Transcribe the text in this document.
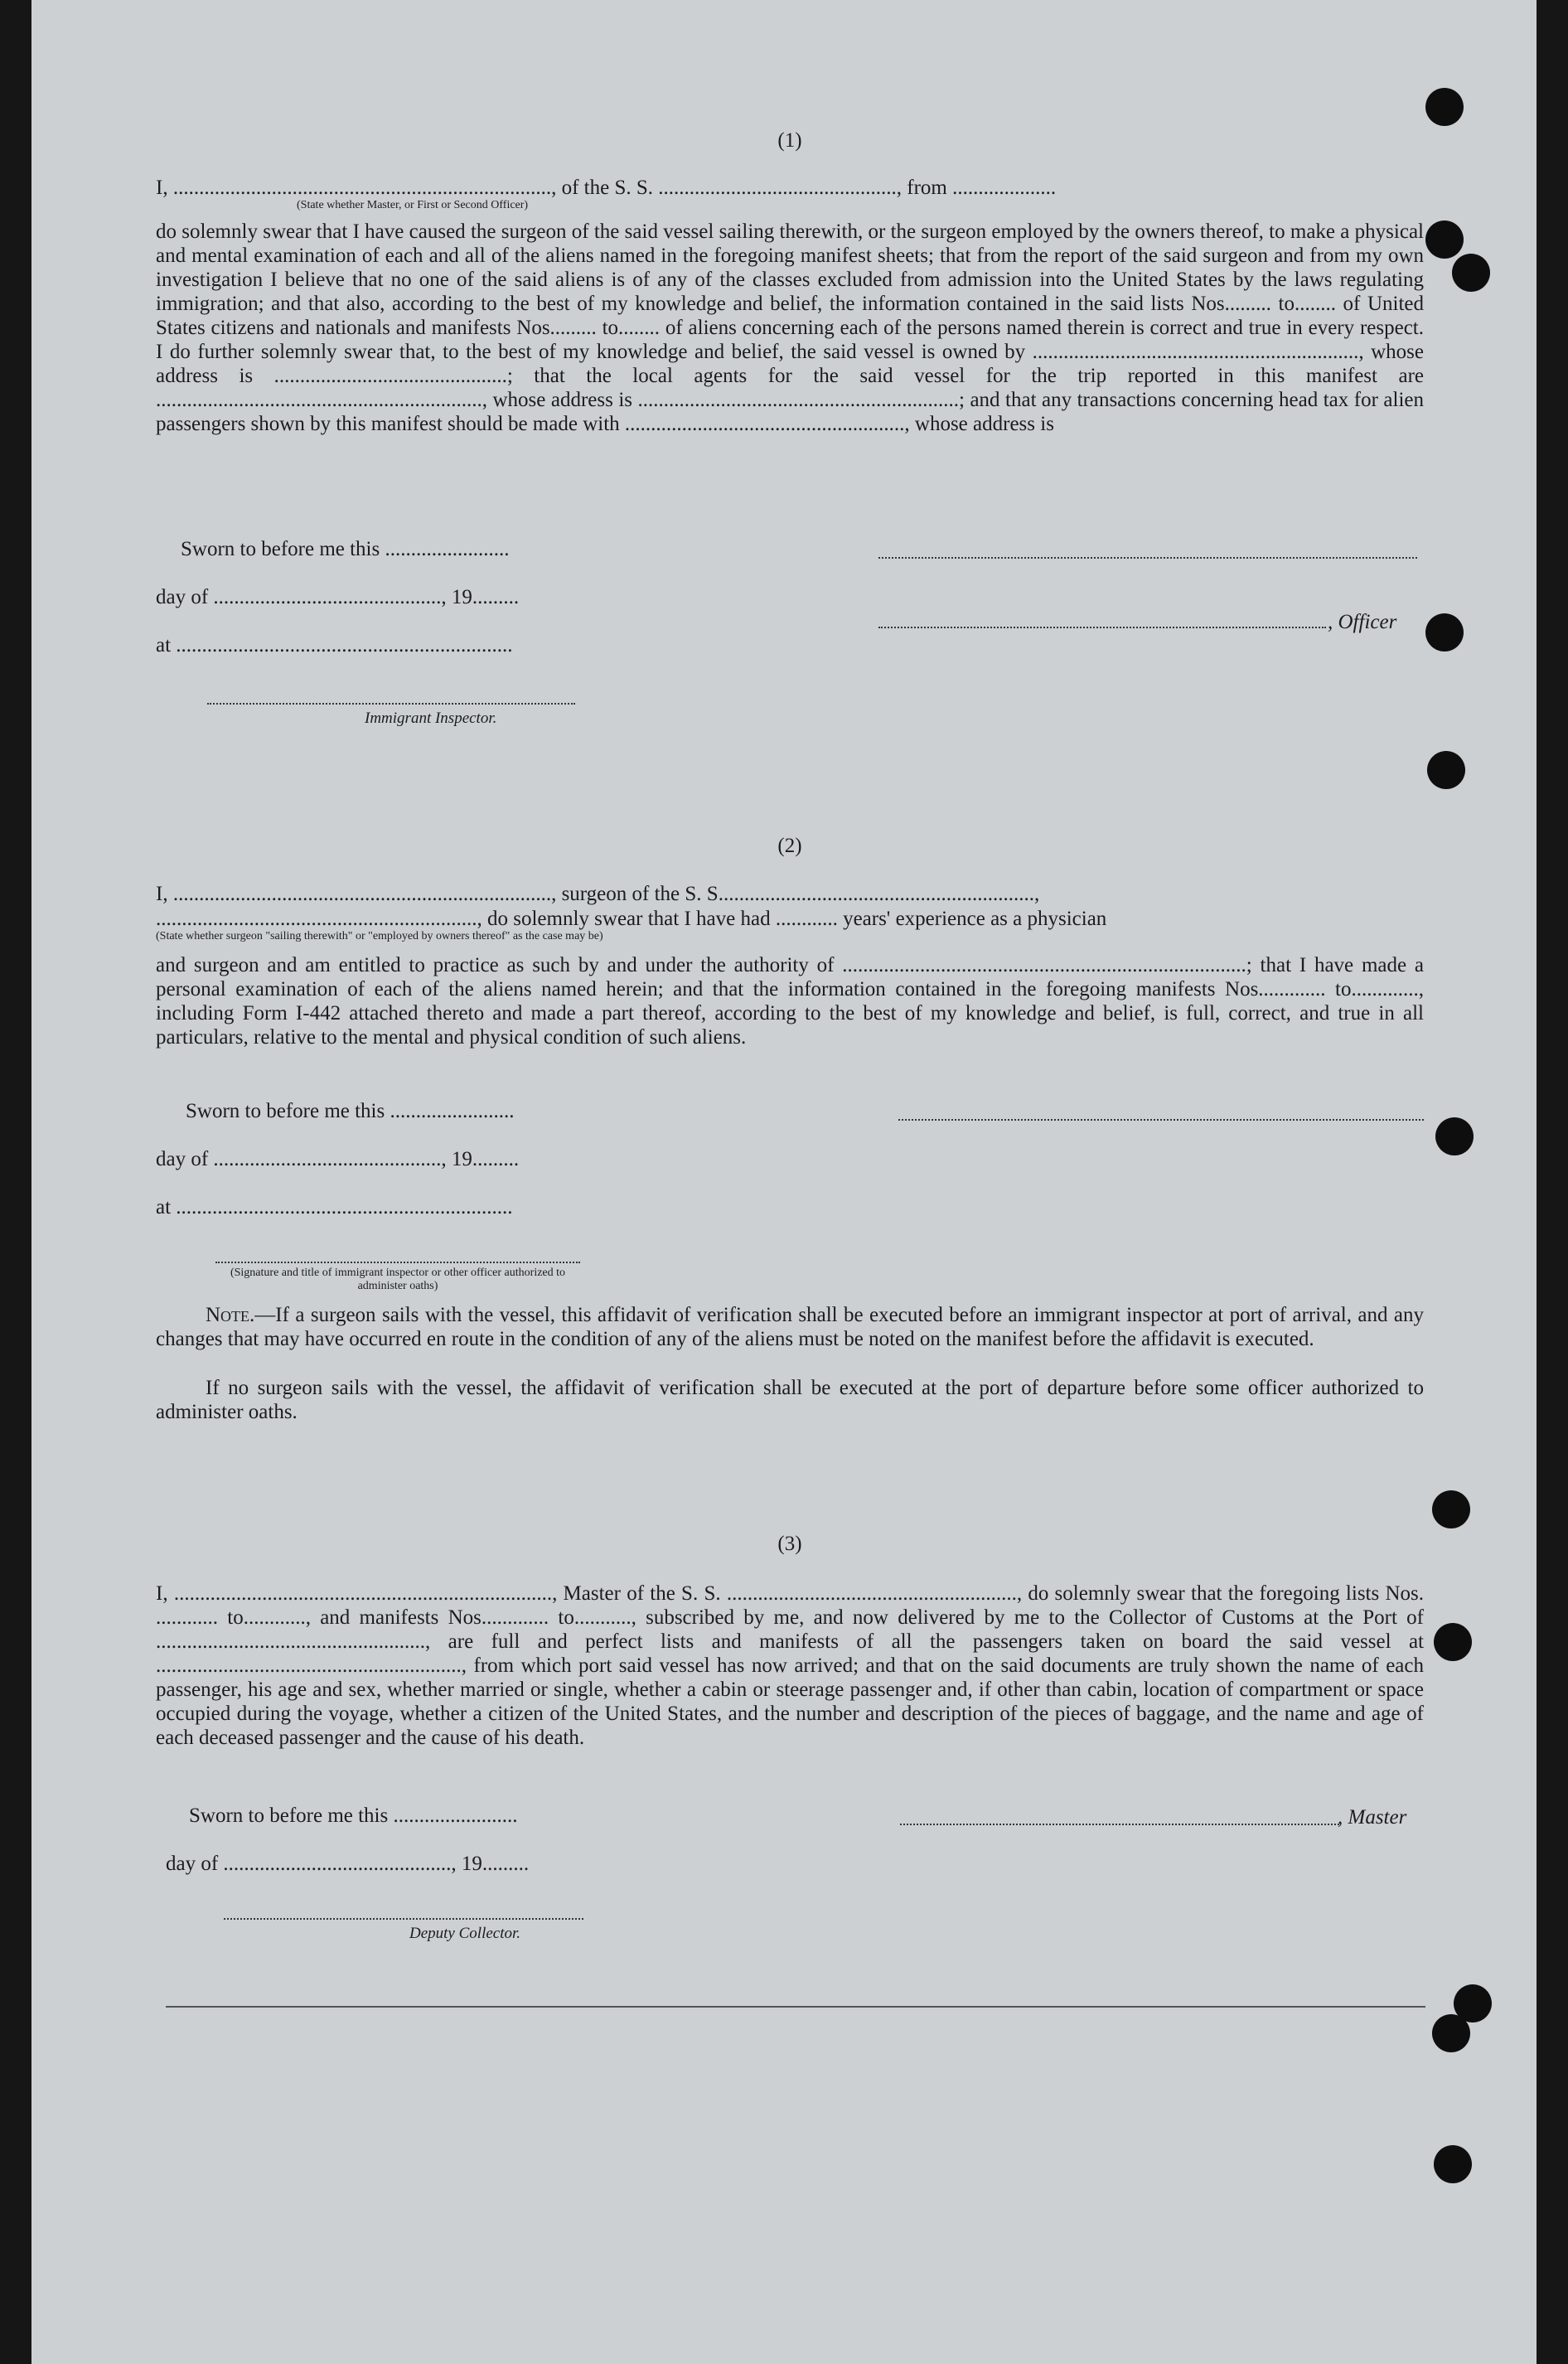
(1)
I, ........................................................................., of the S. S. .............................................., from ....................
(State whether Master, or First or Second Officer)
do solemnly swear that I have caused the surgeon of the said vessel sailing therewith, or the surgeon employed by the owners thereof, to make a physical and mental examination of each and all of the aliens named in the foregoing manifest sheets; that from the report of the said surgeon and from my own investigation I believe that no one of the said aliens is of any of the classes excluded from admission into the United States by the laws regulating immigration; and that also, according to the best of my knowledge and belief, the information contained in the said lists Nos......... to........ of United States citizens and nationals and manifests Nos......... to........ of aliens concerning each of the persons named therein is correct and true in every respect. I do further solemnly swear that, to the best of my knowledge and belief, the said vessel is owned by ..............................................................., whose address is .............................................; that the local agents for the said vessel for the trip reported in this manifest are ..............................................................., whose address is ..............................................................; and that any transactions concerning head tax for alien passengers shown by this manifest should be made with ......................................................, whose address is
Sworn to before me this ........................
day of ............................................, 19.........
, Officer
at .................................................................
Immigrant Inspector.
(2)
I, ........................................................................., surgeon of the S. S.............................................................,
.............................................................., do solemnly swear that I have had ............ years' experience as a physician
(State whether surgeon "sailing therewith" or "employed by owners thereof" as the case may be)
and surgeon and am entitled to practice as such by and under the authority of ..............................................................................; that I have made a personal examination of each of the aliens named herein; and that the information contained in the foregoing manifests Nos............. to............., including Form I-442 attached thereto and made a part thereof, according to the best of my knowledge and belief, is full, correct, and true in all particulars, relative to the mental and physical condition of such aliens.
Sworn to before me this ........................
day of ............................................, 19.........
at .................................................................
(Signature and title of immigrant inspector or other officer authorized to administer oaths)
Note.—If a surgeon sails with the vessel, this affidavit of verification shall be executed before an immigrant inspector at port of arrival, and any changes that may have occurred en route in the condition of any of the aliens must be noted on the manifest before the affidavit is executed.
If no surgeon sails with the vessel, the affidavit of verification shall be executed at the port of departure before some officer authorized to administer oaths.
(3)
I, ........................................................................., Master of the S. S. ........................................................, do solemnly swear that the foregoing lists Nos. ............ to............, and manifests Nos............. to..........., subscribed by me, and now delivered by me to the Collector of Customs at the Port of ...................................................., are full and perfect lists and manifests of all the passengers taken on board the said vessel at ..........................................................., from which port said vessel has now arrived; and that on the said documents are truly shown the name of each passenger, his age and sex, whether married or single, whether a cabin or steerage passenger and, if other than cabin, location of compartment or space occupied during the voyage, whether a citizen of the United States, and the number and description of the pieces of baggage, and the name and age of each deceased passenger and the cause of his death.
Sworn to before me this ........................	, Master
day of ............................................, 19.........
Deputy Collector.
